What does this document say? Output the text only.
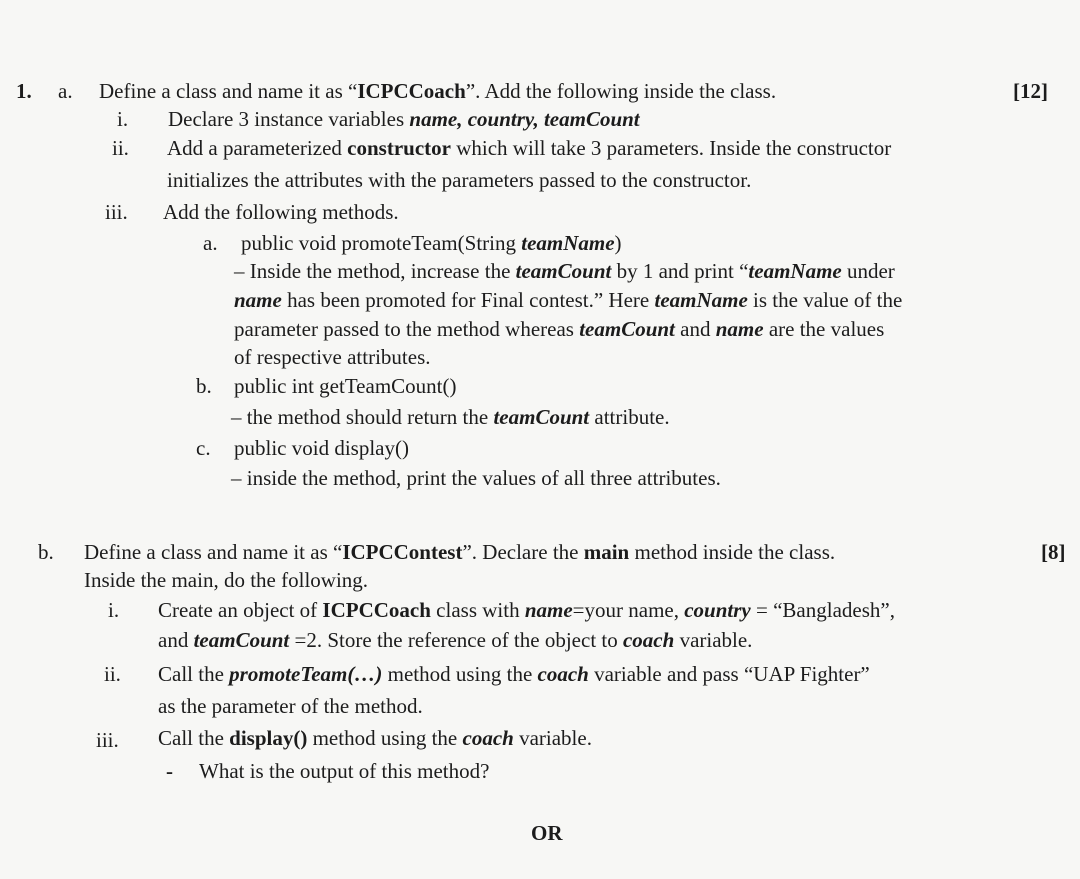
1. a. Define a class and name it as “ICPCCoach”. Add the following inside the class.	[12]
i. Declare 3 instance variables name, country, teamCount
ii. Add a parameterized constructor which will take 3 parameters. Inside the constructor
initializes the attributes with the parameters passed to the constructor.
iii. Add the following methods.
a. public void promoteTeam(String teamName)
– Inside the method, increase the teamCount by 1 and print “teamName under
name has been promoted for Final contest.” Here teamName is the value of the
parameter passed to the method whereas teamCount and name are the values
of respective attributes.
b. public int getTeamCount()
– the method should return the teamCount attribute.
c. public void display()
– inside the method, print the values of all three attributes.
b. Define a class and name it as “ICPCContest”. Declare the main method inside the class.	[8]
Inside the main, do the following.
i. Create an object of ICPCCoach class with name=your name, country = “Bangladesh”,
and teamCount =2. Store the reference of the object to coach variable.
ii. Call the promoteTeam(…) method using the coach variable and pass “UAP Fighter”
as the parameter of the method.
iii. Call the display() method using the coach variable.
- What is the output of this method?
OR
